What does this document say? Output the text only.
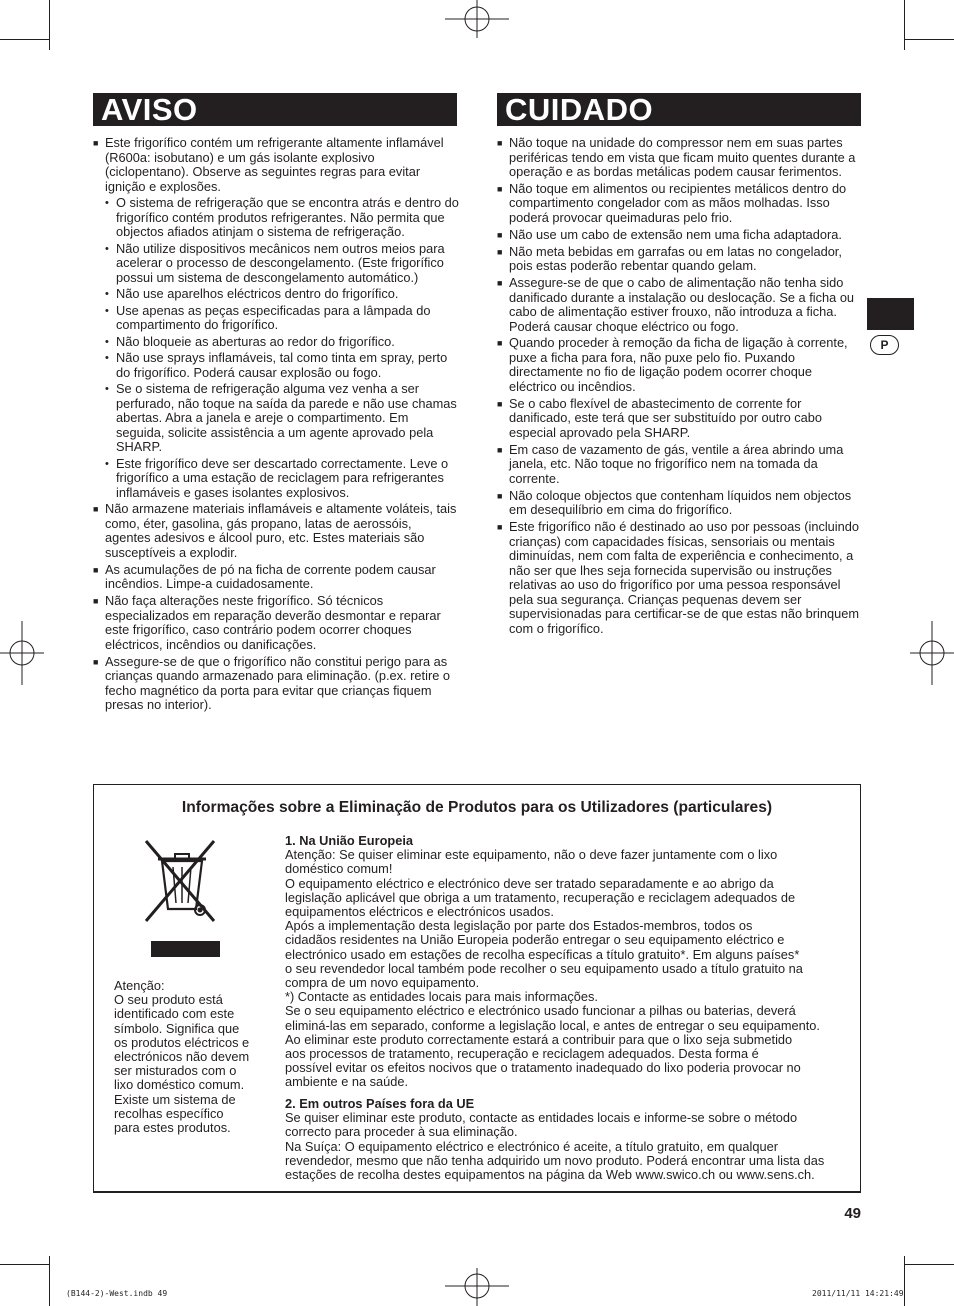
AVISO
■ Este frigorífico contém um refrigerante altamente inflamável (R600a: isobutano) e um gás isolante explosivo (ciclopentano). Observe as seguintes regras para evitar ignição e explosões.
• O sistema de refrigeração que se encontra atrás e dentro do frigorífico contém produtos refrigerantes. Não permita que objectos afiados atinjam o sistema de refrigeração.
• Não utilize dispositivos mecânicos nem outros meios para acelerar o processo de descongelamento. (Este frigorífico possui um sistema de descongelamento automático.)
• Não use aparelhos eléctricos dentro do frigorífico.
• Use apenas as peças especificadas para a lâmpada do compartimento do frigorífico.
• Não bloqueie as aberturas ao redor do frigorífico.
• Não use sprays inflamáveis, tal como tinta em spray, perto do frigorífico. Poderá causar explosão ou fogo.
• Se o sistema de refrigeração alguma vez venha a ser perfurado, não toque na saída da parede e não use chamas abertas. Abra a janela e areje o compartimento. Em seguida, solicite assistência a um agente aprovado pela SHARP.
• Este frigorífico deve ser descartado correctamente. Leve o frigorífico a uma estação de reciclagem para refrigerantes inflamáveis e gases isolantes explosivos.
■ Não armazene materiais inflamáveis e altamente voláteis, tais como, éter, gasolina, gás propano, latas de aerossóis, agentes adesivos e álcool puro, etc. Estes materiais são susceptíveis a explodir.
■ As acumulações de pó na ficha de corrente podem causar incêndios. Limpe-a cuidadosamente.
■ Não faça alterações neste frigorífico. Só técnicos especializados em reparação deverão desmontar e reparar este frigorífico, caso contrário podem ocorrer choques eléctricos, incêndios ou danificações.
■ Assegure-se de que o frigorífico não constitui perigo para as crianças quando armazenado para eliminação. (p.ex. retire o fecho magnético da porta para evitar que crianças fiquem presas no interior).
CUIDADO
■ Não toque na unidade do compressor nem em suas partes periféricas tendo em vista que ficam muito quentes durante a operação e as bordas metálicas podem causar ferimentos.
■ Não toque em alimentos ou recipientes metálicos dentro do compartimento congelador com as mãos molhadas. Isso poderá provocar queimaduras pelo frio.
■ Não use um cabo de extensão nem uma ficha adaptadora.
■ Não meta bebidas em garrafas ou em latas no congelador, pois estas poderão rebentar quando gelam.
■ Assegure-se de que o cabo de alimentação não tenha sido danificado durante a instalação ou deslocação. Se a ficha ou cabo de alimentação estiver frouxo, não introduza a ficha. Poderá causar choque eléctrico ou fogo.
■ Quando proceder à remoção da ficha de ligação à corrente, puxe a ficha para fora, não puxe pelo fio. Puxando directamente no fio de ligação podem ocorrer choque eléctrico ou incêndios.
■ Se o cabo flexível de abastecimento de corrente for danificado, este terá que ser substituído por outro cabo especial aprovado pela SHARP.
■ Em caso de vazamento de gás, ventile a área abrindo uma janela, etc. Não toque no frigorífico nem na tomada da corrente.
■ Não coloque objectos que contenham líquidos nem objectos em desequilíbrio em cima do frigorífico.
■ Este frigorífico não é destinado ao uso por pessoas (incluindo crianças) com capacidades físicas, sensoriais ou mentais diminuídas, nem com falta de experiência e conhecimento, a não ser que lhes seja fornecida supervisão ou instruções relativas ao uso do frigorífico por uma pessoa responsável pela sua segurança. Crianças pequenas devem ser supervisionadas para certificar-se de que estas não brinquem com o frigorífico.
P
Informações sobre a Eliminação de Produtos para os Utilizadores (particulares)
Atenção:
O seu produto está
identificado com este
símbolo. Significa que
os produtos eléctricos e
electrónicos não devem
ser misturados com o
lixo doméstico comum.
Existe um sistema de
recolhas específico
para estes produtos.
1. Na União Europeia
Atenção: Se quiser eliminar este equipamento, não o deve fazer juntamente com o lixo
doméstico comum!
O equipamento eléctrico e electrónico deve ser tratado separadamente e ao abrigo da
legislação aplicável que obriga a um tratamento, recuperação e reciclagem adequados de
equipamentos eléctricos e electrónicos usados.
Após a implementação desta legislação por parte dos Estados-membros, todos os
cidadãos residentes na União Europeia poderão entregar o seu equipamento eléctrico e
electrónico usado em estações de recolha específicas a título gratuito*. Em alguns países*
o seu revendedor local também pode recolher o seu equipamento usado a título gratuito na
compra de um novo equipamento.
*) Contacte as entidades locais para mais informações.
Se o seu equipamento eléctrico e electrónico usado funcionar a pilhas ou baterias, deverá
eliminá-las em separado, conforme a legislação local, e antes de entregar o seu equipamento.
Ao eliminar este produto correctamente estará a contribuir para que o lixo seja submetido
aos processos de tratamento, recuperação e reciclagem adequados. Desta forma é
possível evitar os efeitos nocivos que o tratamento inadequado do lixo poderia provocar no
ambiente e na saúde.
2. Em outros Países fora da UE
Se quiser eliminar este produto, contacte as entidades locais e informe-se sobre o método
correcto para proceder à sua eliminação.
Na Suíça: O equipamento eléctrico e electrónico é aceite, a título gratuito, em qualquer
revendedor, mesmo que não tenha adquirido um novo produto. Poderá encontrar uma lista das
estações de recolha destes equipamentos na página da Web www.swico.ch ou www.sens.ch.
49
(B144-2)-West.indb 49	2011/11/11 14:21:49
